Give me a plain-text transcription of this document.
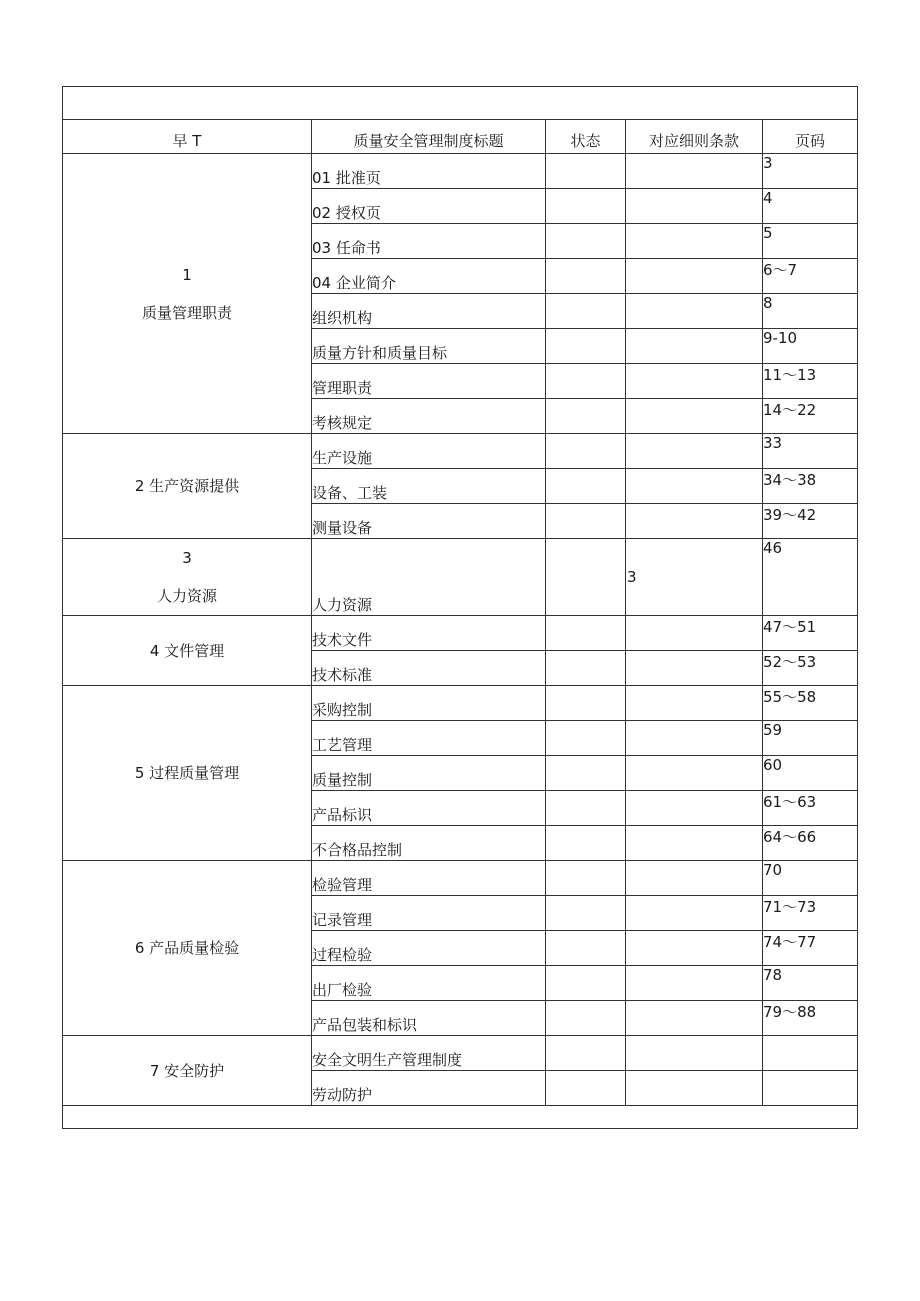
早 T	质量安全管理制度标题	状态	对应细则条款	页码

1
质量管理职责	01 批准页			3
	02 授权页			4
	03 任命书			5
	04 企业简介			6～7
	组织机构			8
	质量方针和质量目标			9-10
	管理职责			11～13
	考核规定			14～22

2 生产资源提供	生产设施			33
	设备、工装			34～38
	测量设备			39～42

3
人力资源	人力资源		3	46

4 文件管理	技术文件			47～51
	技术标准			52～53

5 过程质量管理	采购控制			55～58
	工艺管理			59
	质量控制			60
	产品标识			61～63
	不合格品控制			64～66

6 产品质量检验	检验管理			70
	记录管理			71～73
	过程检验			74～77
	出厂检验			78
	产品包装和标识			79～88

7 安全防护	安全文明生产管理制度			
	劳动防护			
